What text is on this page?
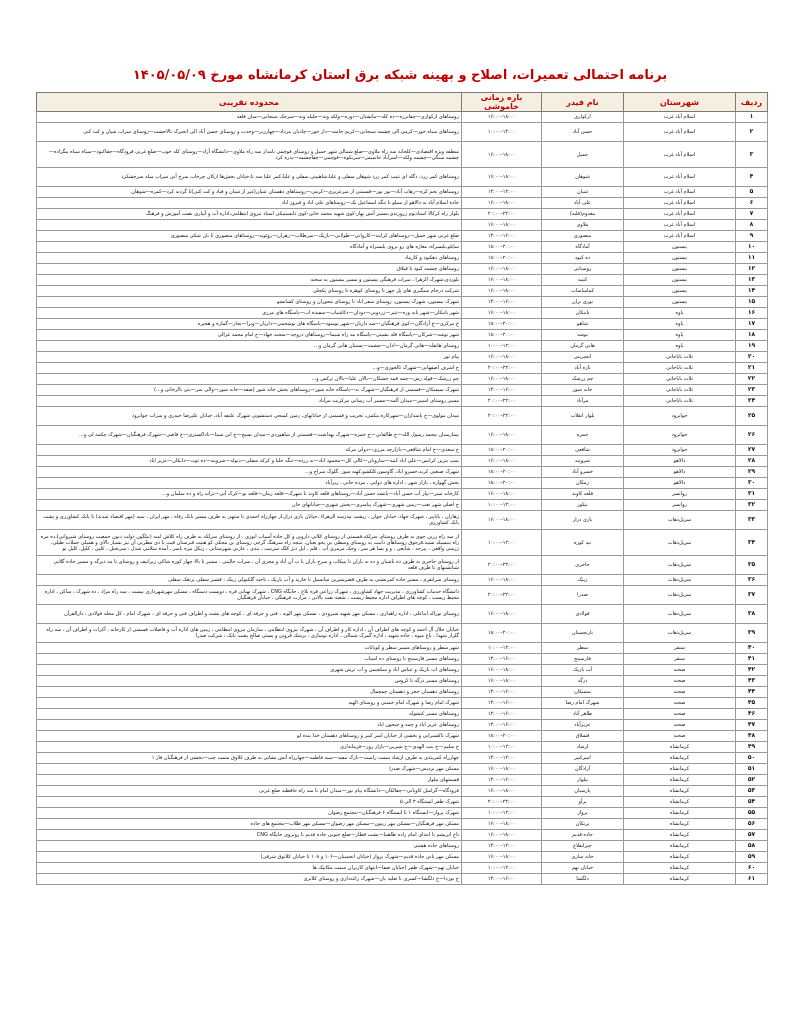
برنامه احتمالی تعمیرات، اصلاح و بهینه شبکه برق استان کرمانشاه مورخ ۱۴۰۵/۰۵/۰۹
ردیف	شهرستان	نام فیدر	بازه زمانی خاموشی	محدوده تقریبی
۱	اسلام آباد غرب	ارکوازی	۱۶:۰۰–۱۸:۰۰	روستاهای ارکوازی—چقاترزه—ده کله—مانشتان—دوزه—ولکه وند—جلیله وند—سرخک سنجابی—میان قلعه
۲	اسلام آباد غرب	حسن آباد	۱۰:۰۰–۱۴:۰۰	روستاهای سیاه خور—کرمی الی چشمه سنجابی—کریم خامنه—دار خور—چادیان مرداد—چهارزبر—وحدت و روستای حسن آباد الی انجیرک تالاجشت—روستای سراب شیان و کت کنی
۳	اسلام آباد غرب	حمیل	۱۶:۰۰–۱۸:۰۰	منطقه ویژه اقتصادی—کلخانه سه راه ملاوی—ضلع شمالی شهر حمیل و روستای قوچمی نامدار سه راه ملاوی—دانشگاه آزاد—روستای کله جوب—ضلع غربی فرودگاه—چقاکبود—سیاه سیاه بیگزاده—چشمه سنگی—چشمه ولکه—اسرآباد خانمیمر—سرنکوه—قوچمی—چقاچشمه—بدره کرد
۴	اسلام آباد غرب	شوهان	۱۶:۰۰–۱۸:۰۰	روستاهای کمر زرد، دگله ای تنیب کمر زرد شوهان سفلی و علیا،شاهیینی سفلی و علیا،کمر علیا سه تا،خیابان بخش‌ها ارکان چرخاب سرخ آبی سراب میله سرچشکرد
۵	اسلام آباد غرب	شیان	۱۴:۰۰–۱۲:۰۰	روستاهای تخم کره—زهاب آباد—نور بور—قسمتی از میرعزیزی—کرمی—روستاهای دهستان شیان(غیر از شیان و قباد و کت کنی)تا گردنه کرد—کمره—شوهان
۶	اسلام آباد غرب	علی آباد	۱۶:۰۰–۱۸:۰۰	جاده اسلام آباد به دالاهو از سیلو تا تنگه اسماعیل بک—روستاهای علی اباد و فیروز اباد
۷	اسلام آباد غرب	معدوم(فلبه)	۲۰:۰۰–۲۲:۰۰	بلوار راه کرکالا استادیوم زرورتدی،مسیر آتش بهار-کوی شهید محمد خانی-کوی دانسیتیکی استاد تیروی انتظامی،اداره آب و آبیاری نصب آموزش و فرهنگ
۸	اسلام آباد غرب	ملاوی	۱۶:۰۰–۱۸:۰۰	
۹	اسلام آباد غرب	منصوری	۱۴:۰۰–۱۶:۰۰	ضلع غربی شهر حمیل—روستاهای کرابند—کاروانی—طولانی—بازیک—سرطلاب—زهران—روئوند—روستاهای منصوری تا نان شکی منصوری
۱۰	بیستون	آمادگاه	۱۸:۰۰–۲۰:۰۰	سایلو،بلیسراه، مغازه های رو بروی پلیسراه و آمادگاه
۱۱	بیستون	ده کبود	۱۸:۰۰–۲۰:۰۰	روستاهای دهکبود و کازیباد
۱۲	بیستون	روستایی	۱۶:۰۰–۱۸:۰۰	روستاهای چشمه کبود تا فیلاق
۱۳	بیستون	کتیبه	۱۶:۰۰–۱۸:۰۰	بلوردی،شهرک الزهرا ، میراث فرهنگی بیستون و مسیر بیستون به سحنه
۱۴	بیستون	کماساساب	۱۶:۰۰–۱۸:۰۰	شرکت درجام سنگبری های پل چهر تا روستای کوهزه تا روستای پکجلی
۱۵	بیستون	نوزی بران	۱۴:۰۰–۱۶:۰۰	شهرک بیستون، شهرک بیستون، روستای سفر اباد تا روستای محوران و روستای کشانشو
۱۶	پاوه	بابنکان	۱۶:۰۰–۱۸:۰۰	شهر بابنکان—شهر بابه وره—تنیر—زردوبی—دودان—دکاشیاب—سفیده اب—پاسگاه های مرزی
۱۷	پاوه	شاهو	۱۸:۰۰–۲۰:۰۰	خ مرکزی—خ آزادگان—کوی فرهنگیان—سه داربان—شهر نوسود—پاسگاه های نوشحمی—داریان—ویرا—نجار—گماره و هجیره
۱۸	پاوه	نوشه	۱۸:۰۰–۲۰:۰۰	شهر نوشه—شرکان—پاسگاه قله نشینی—پاسگاه مه راه شیما—روستاهای دروچه—سحنه جهاد—خ امام محمد غزالی
۱۹	پاوه	هانی گرمان	۱۰:۰۰–۱۲:۰۰	روستای هانقله—هانی گرمان—ادان—چشمه—پستبان هانی گرمان و...
۲۰	ثلاث باباجانی	انجیربنی	۱۶:۰۰–۱۸:۰۰	پیام نور
۲۱	ثلاث باباجانی	تازه آباد	۲۰:۰۰–۲۲:۰۰	خ اشرف اصفهانی—شهرک تالجوزی—و...
۲۲	ثلاث باباجانی	چم زرشک	۱۶:۰۰–۱۸:۰۰	چم زرشک—قوله زش—چمه قمه خشکان—بالان علیا—بالان ترکس و...
۲۳	ثلاث باباجانی	خانه شور	۱۴:۰۰–۱۶:۰۰	شهرک سیمیکان—قسمتی از فرهنگیان—شهرک به—پاسگاه خانه شور—روستاهای بخش خانه شور (صفه—خانه شور—والی سر—بنی نالرخانی و...)
۲۴	ثلاث باباجانی	مرآباد	۲۰:۰۰–۲۲:۰۰	مسیر روستای اسپیر—میدان آلمه—مسیر آب رسانی مرکزیت مرآباد
۲۵	جوانرود	بلوار انقلاب	۲۰:۰۰–۲۲:۰۰	میدان مولوی—خ پاسداران—شهرکاره،بیکمی، تخریب و قسمتی از خیابانهای، زمین کمیجی دستشویی شهرک علیفه آباد، خیابان علیرضا حیدری و سراب جوانرود
۲۶	جوانرود	حمزه	۱۶:۰۰–۱۸:۰۰	بیمارستان محمد رسول الله—خ طالقانی—خ حمزه—شهرک بهداشت—قسمتی از شاهوردی—میدان بسیج—خ ابن سینا—ناداکستری—خ قاضی—شهرک فرهنگیان—شهرک چکمه لی و...
۲۷	جوانرود	شافعی	۱۸:۰۰–۲۰:۰۰	خ سعدی—خ امام شافعی—بازارچه مرزی—دولی مرکه
۲۸	دالاهو	شروینه	۱۶:۰۰–۱۸:۰۰	پمپ بنزین کرانس—علی اباد کنیه—سارونان—کالی کل—محمود اباد—ته زرده—تنگه خلیا و کرکه سفلی—دیوله—شروینه—ده ثوت—دانکان—عزیز اباد
۲۹	دالاهو	خسرو آباد	۱۸:۰۰–۲۰:۰۰	شهرک صنعتی کرند،خسرو اباد، گاوسور،کلکشو،کهنه سوز ،گلوک سراج و...
۳۰	دالاهو	زمکان	۱۸:۰۰–۲۰:۰۰	بخش گهواره ، بازار شهر ، اداره های دولتی ، مرده خانی ، زیرآباد
۳۱	روانسر	قلعه کاوند	۱۶:۰۰–۱۸:۰۰	کارخانه سیر—پیاز آب حسن آباد—بانشه حسن آباد—روستاهای قلعه کاوند تا شهرک—قلعه زمان—قلعه نو—کرک آبی—ترانه راه و ده سلمان و...
۳۲	روانسر	تیکور	۱۰:۰۰–۱۲:۰۰	خ اصلی شهر تعب—زمین شهری—شهرک پیامبری—بخش شهری—خیابانهای خان
۳۳	سرپل‌ذهاب	بازی دراز	۱۶:۰۰–۱۸:۰۰	زهاران ، باباپیر ، شهرک جهاد، خیابان خوان ، ریشت مدرسه الزهراء ،خیابان بازی دراز،از چهارراه احمدی تا منتهی به طرف مسیر بانک رفاه ، مهر ایران ، سیه (مهر اقتصاد شدید) تا بانک کشاورزی و پشت بانک کشاورزی
۳۴	سرپل‌ذهاب	تپه کوره	۱۰:۰۰–۱۲:۰۰	از سه راه زرین جوی به طرف روستای سرلکه،قسمتی از روستای کلانی داروین و کل جاده آسیاب ابوزی ، از روستای سرلکه به طرف راه کلاش امنه (نیلگون دولت دیون جمعیت روستای شیروانی)،ده مره راه ینبسیله تسیه،قرجوق روستاهای دانیت یه روستای وسطی یی یخو یعیان، نتیجه راه سرهنگ گرجی روستای بن مجکی کو هنیت قبرستان قیت یا دی مطربی آن نیز بسیار بالای و همیلی جملات طیلی، زرسی واقعی ، بیرجه ، شایعی ، و و بسا هر سر ، وجک مرمری آپ ، قلم ، ایل دیژ کلک سرنیب ، بندی ، عازبی شهرستانی ، زیکل نیزه باسر ، آمده سلامی شدل ، سرنخیل ، کلیی ، کلیل، کلیل تو
۳۵	سرپل‌ذهاب	جاجری	۲۰:۰۰–۲۲:۰۰	از روستای جاجری به طرف ده باشیان و ده به باران تا بنیکاب و سرخ باران با ب آن آباد و مجری آن ، سراب جالینی ، مسیر تا بالا چهار کوره شاکی زیرانیف و روستای تا مه دیرگه و مسیر جاده گلاتی شبانشنهای تا طرف قلعه
۳۶	سرپل‌ذهاب	زینک	۱۶:۰۰–۱۸:۰۰	روستای سرانقرم ، مسیر جاده کمرنشیی به طرف قصرشیرین میانسیل تا خارید و آب باریک ، ناحیه گلکبولی زینک ، قشیر سفلی برتغک سفلی
۳۷	سرپل‌ذهاب	صدرا	۲۰:۰۰–۲۲:۰۰	دانشگاه خدمات کشاورزی ، مدیریت جهاد کشاورزی ، شهرک زراعی قره بلاغ ، جایگاه CNG ، شهرک بهبانی قره ، دویست دستگاه ، مسکن مهرشهرداری بیست ، سه راه مراد ، ده شهرک ، ساکن ، اداره محیط زیست ، کوچه های اطراف اداره محیط زیست ، شعبه نفت پالانی ، مزارت فرهنگی ، خیابان فرهنگیان
۳۸	سرپل‌ذهاب	فولادی	۱۶:۰۰–۱۸:۰۰	روستای نوراله ایناعلی ، اداره راهداری ، مسکن مهر شهید شیرودی ، مسکن مهر الوند ، فنی و حرفه ای ، کوچه های پشت و اطراف فنی و حرفه ای ، شهرک امام ، کل محله فولادی ، دارالقرآن
۳۹	سرپل‌ذهاب	نارنجستان	۱۸:۰۰–۲۰:۰۰	خیابان جلال آل احمد و کوچه های اطراف آن ، اداره کار و اطراف آن ، شهرک نیروی انتظامی ، سازمان نیروی انتظامی ، زمین های اداره آب و فاضلاب قسمتی از کارخانه ، آکرات و اطراف آن ، سه راه گلزار شهدا ، باغ میوه ، جاده شهید ، اداره گمرک شمالی ، اداره نوسازی ، پزشک فروتن و پستی صالح پشت بانک ، شرکت صدرا
۴۰	سنقر	سطر	۱۰:۰۰–۱۲:۰۰	شهر سطر و روستاهای مسیر سطر و کونانات
۴۱	سنقر	فارسینج	۱۴:۰۰–۱۶:۰۰	روستاهای مسیر فارسینج تا روستای ده اسیاب
۴۲	صحنه	آب باریک	۱۶:۰۰–۱۸:۰۰	روستاهای اب باریک و عباس اباد و سکچیمن و اب ترش شهری
۴۳	صحنه	درگه	۱۶:۰۰–۱۸:۰۰	روستاهای مسیر درگه تا کروس
۴۴	صحنه	سمنکان	۱۴:۰۰–۱۶:۰۰	روستاهای دهستان خجر و دهستان چمچمال
۴۵	صحنه	شهرک امام رضا	۱۴:۰۰–۱۶:۰۰	شهرک امام رضا و شهرک امام خمینی و روستای الهیه
۴۶	صحنه	طاهر آباد	۱۴:۰۰–۱۶:۰۰	روستاهای مسیر کنشوله
۴۷	صحنه	عزیزآباد	۱۴:۰۰–۱۶:۰۰	روستاهای عزیز اباد و چمه و چیحون اباد
۴۸	صحنه	قشلاق	۱۸:۰۰–۲۰:۰۰	شهرک تاکسیرانی و بخشی از خیابان امیر کبیر و روستاهای دهستان خدا بنده لو
۴۹	کرمانشاه	ارشاد	۱۰:۰۰–۱۲:۰۰	خ سلیم—خ بنت الهدی—خ شیرین—بازار روز—فرمانداری
۵۰	کرمانشاه	امیرکبیر	۱۴:۰۰–۱۲:۰۰	چهارراه کمربندی به طرف ارشاد سمت راست—بازک مفید—سید فاطمه—چهارراه آتش نشانی به طرف کلاوق سمت چپ—بخشی از فرهنگیان فاز ۱
۵۱	کرمانشاه	آزادگان	۱۶:۰۰–۱۸:۰۰	مسکن مهر بردیس—شهرک صدرا
۵۲	کرمانشاه	بیلوار	۱۴:۰۰–۱۶:۰۰	قسمتهای بیلوار
۵۳	کرمانشاه	پارسیان	۱۶:۰۰–۱۸:۰۰	فرودگاه—گرامیل کاوپانی—چقالکان—دانشگاه پیام نور—میدان امام تا سه راه حافظیه ضلع غربی
۵۴	کرمانشاه	پرآو	۲۰:۰۰–۲۲:۰۰	شهرک ظفر ایستگاه ۳ الی ۵
۵۵	کرمانشاه	پرواز	۱۰:۰۰–۱۲:۰۰	شهرک پرواز—ایستگاه ۱ تا ایستگاه ۶ فرهنگیان—مجتمع رضوان
۵۶	کرمانشاه	پرنکان	۱۶:۰۰–۱۸:۰۰	مسکن مهر فرهنگیان—مسکن مهر زیتون—مسکن مهر رضوان—مسکن مهر طلاب—مجتمع های جاده
۵۷	کرمانشاه	جاده قدیم	۱۶:۰۰–۱۸:۰۰	تاخ ابریشم تا ابتدای امام زاده ظاهینا—پشت قطار—ضلع جنوبی جاده قدیم تا روبروی جایگاه CNG
۵۸	کرمانشاه	جیرانقلاع	۱۴:۰۰–۱۲:۰۰	روستاهای جاده هشتی
۵۹	کرمانشاه	خانه سازی	۱۶:۰۰–۱۸:۰۰	مسکن مهر بانی جاده قدیم—شهرک پرواز (خیابان انجمنیان—۱۰۶ و ۱۰۸ تا خیابان کلانوق شرقی)
۶۰	کرمانشاه	خیابان نهم	۱۰:۰۰–۱۲:۰۰	خیابان نهم—شهرک ظفر (خیابان صفا—انتهای کاربران سمت مکانیک ها
۶۱	کرمانشاه	دلگشا	۱۴:۰۰–۱۶:۰۰	خ نوزدا—خ دلگشا—کسری تا تعلیه بان—شهرک زاغه‌داری و روستای کلاتری
